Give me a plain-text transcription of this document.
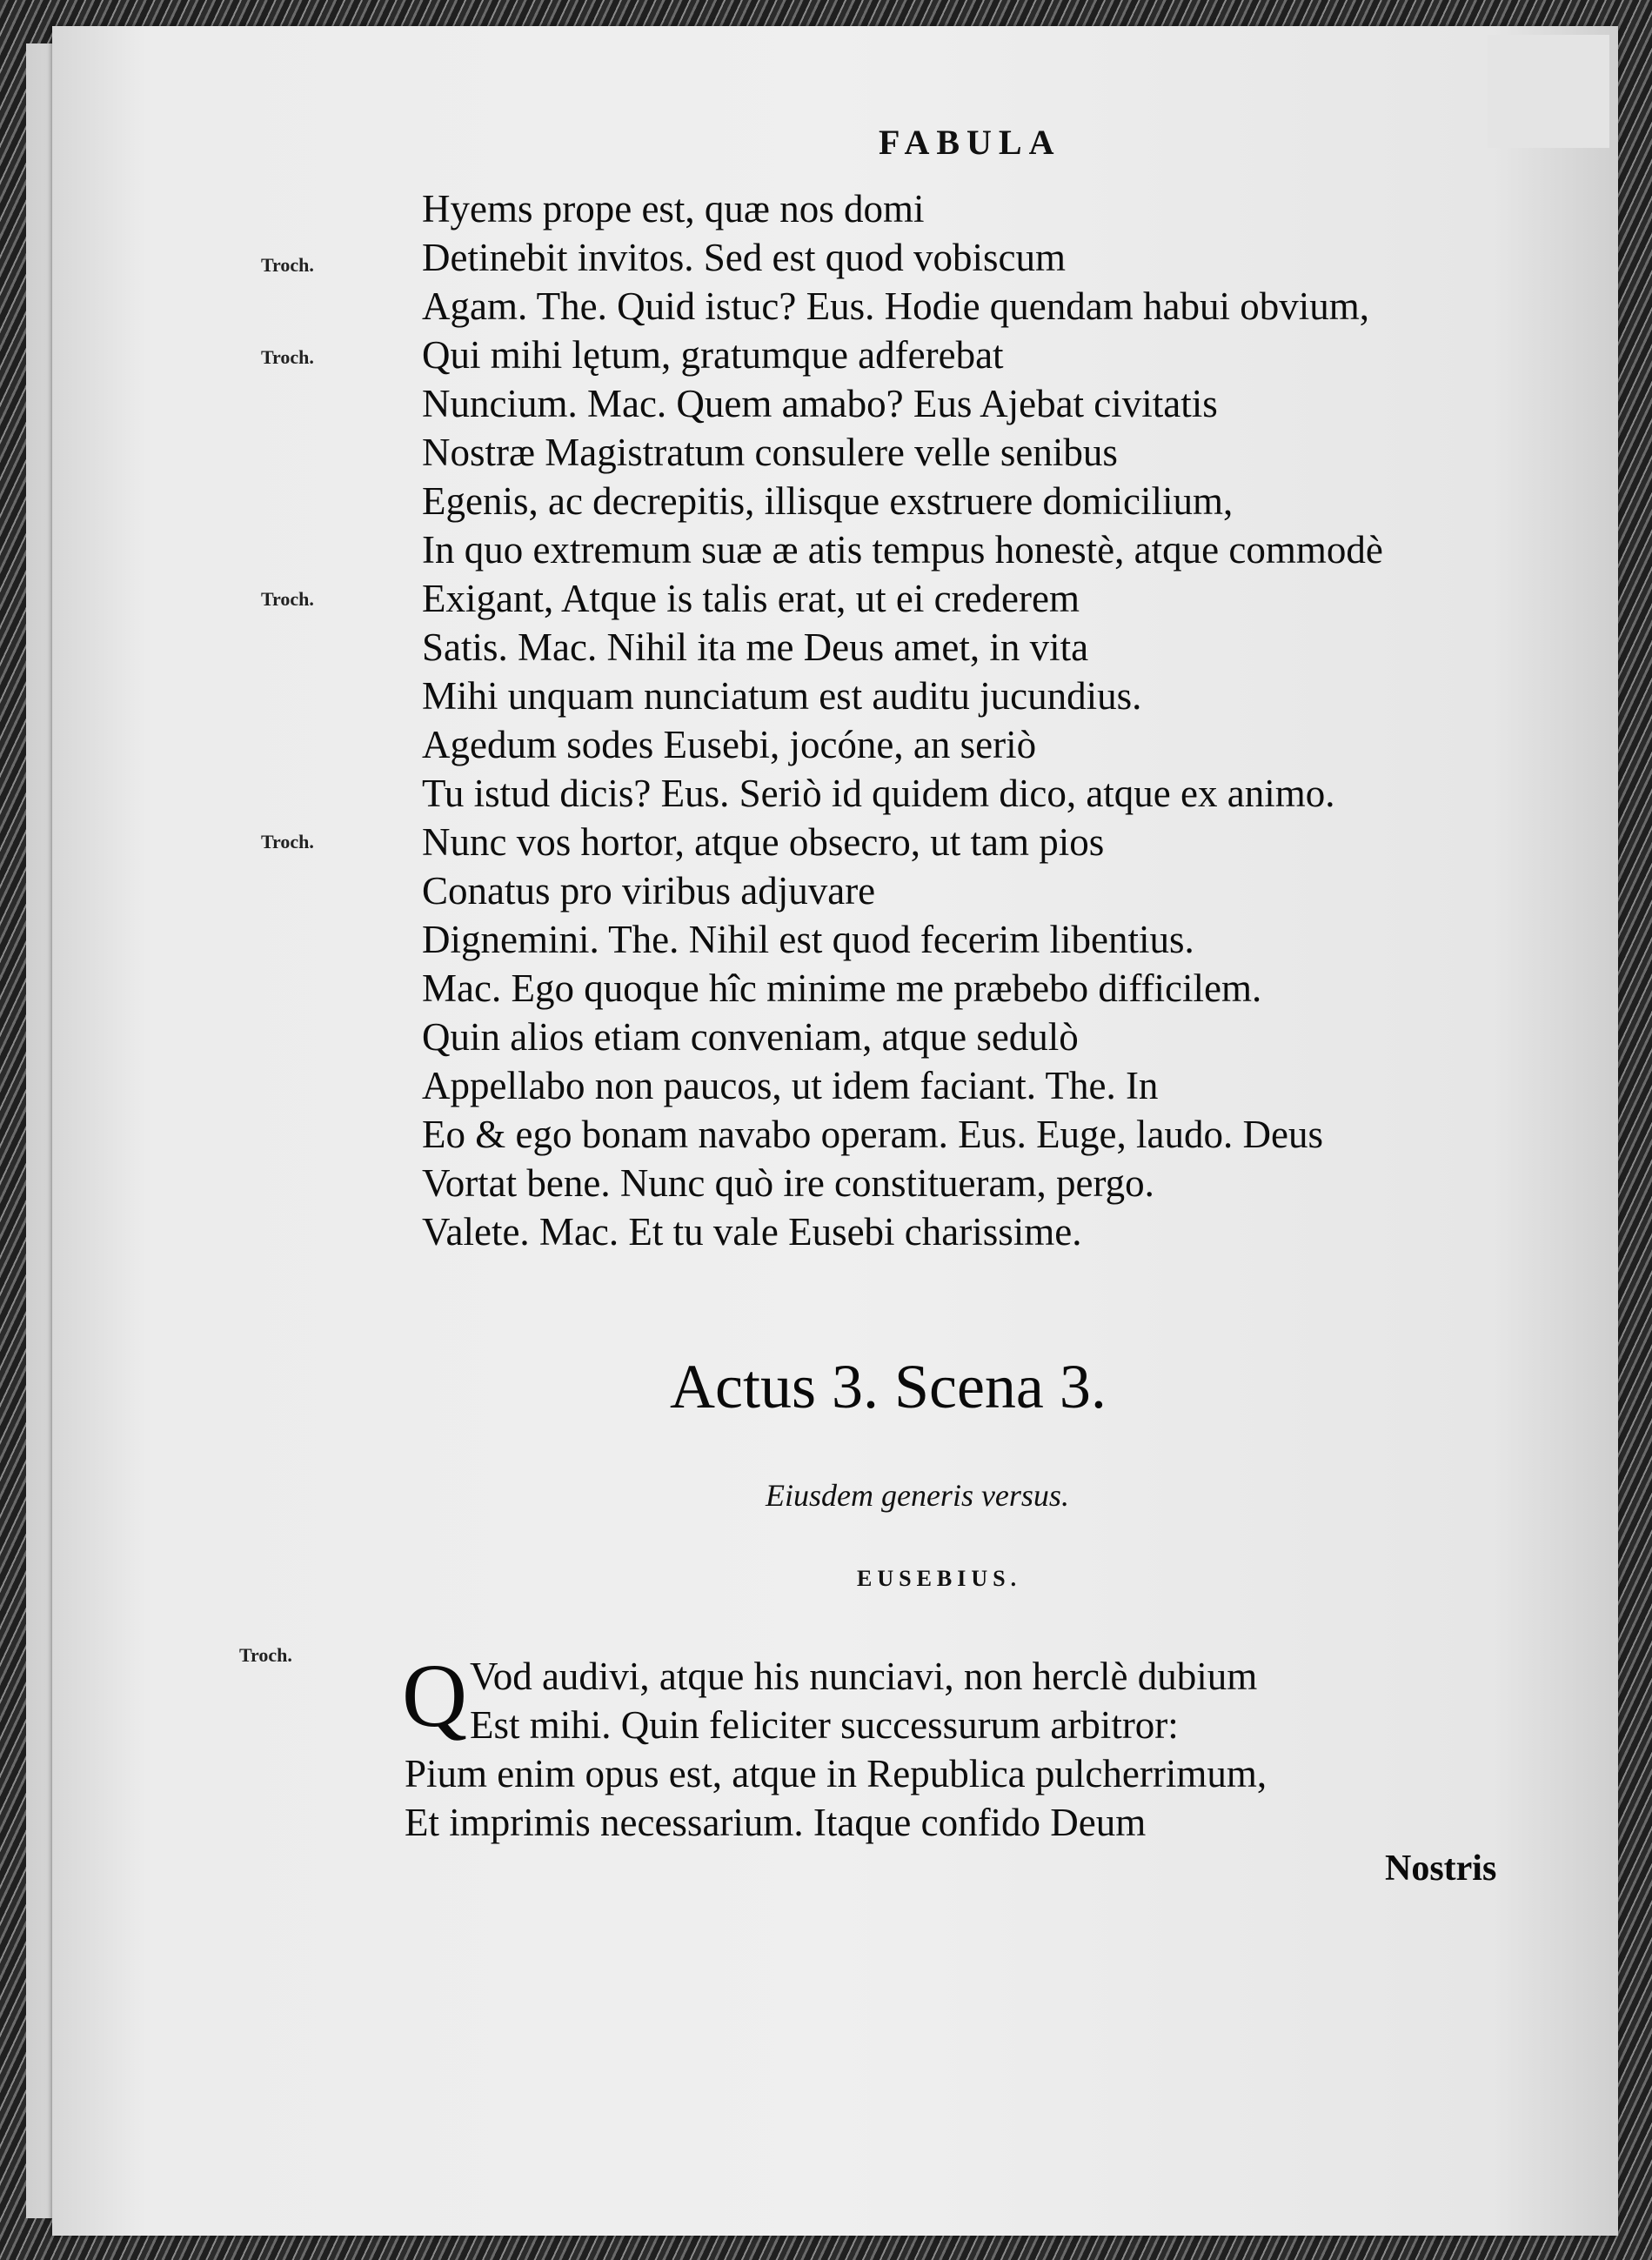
FABULA
Troch.
Troch.
Troch.
Troch.
Troch.
Hyems prope est, quæ nos domi
Detinebit invitos. Sed est quod vobiscum
Agam. The. Quid istuc? Eus. Hodie quendam habui obvium,
Qui mihi lętum, gratumque adferebat
Nuncium. Mac. Quem amabo? Eus Ajebat civitatis
Nostræ Magistratum consulere velle senibus
Egenis, ac decrepitis, illisque exstruere domicilium,
In quo extremum suæ æ atis tempus honestè, atque commodè
Exigant, Atque is talis erat, ut ei crederem
Satis. Mac. Nihil ita me Deus amet, in vita
Mihi unquam nunciatum est auditu jucundius.
Agedum sodes Eusebi, jocóne, an seriò
Tu istud dicis? Eus. Seriò id quidem dico, atque ex animo.
Nunc vos hortor, atque obsecro, ut tam pios
Conatus pro viribus adjuvare
Dignemini. The. Nihil est quod fecerim libentius.
Mac. Ego quoque hîc minime me præbebo difficilem.
Quin alios etiam conveniam, atque sedulò
Appellabo non paucos, ut idem faciant. The. In
Eo & ego bonam navabo operam. Eus. Euge, laudo. Deus
Vortat bene. Nunc quò ire constitueram, pergo.
Valete. Mac. Et tu vale Eusebi charissime.
Actus 3. Scena 3.
Eiusdem generis versus.
EUSEBIUS.
Q Vod audivi, atque his nunciavi, non herclè dubium
Est mihi. Quin feliciter successurum arbitror:
Pium enim opus est, atque in Republica pulcherrimum,
Et imprimis necessarium. Itaque confido Deum
Nostris
